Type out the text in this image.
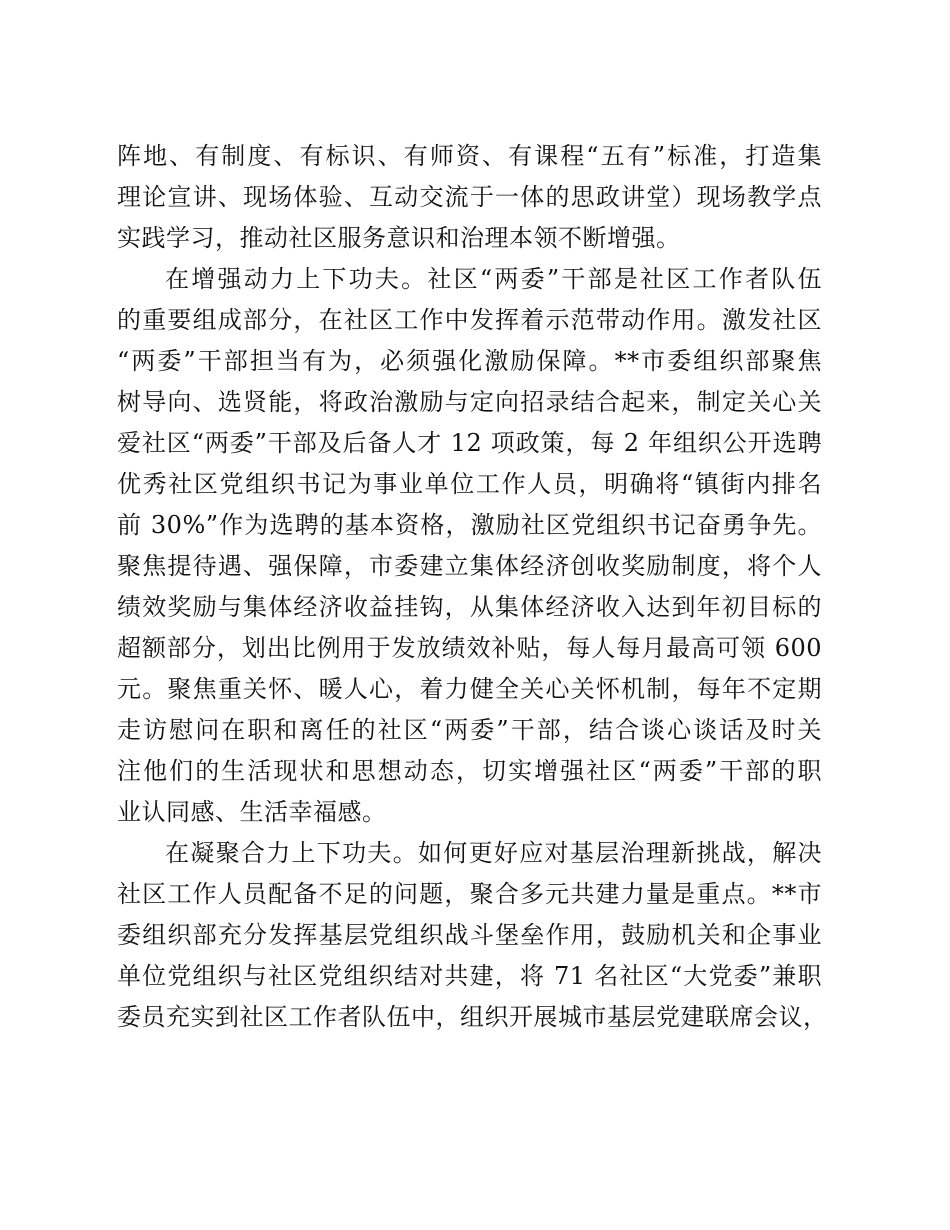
阵地、有制度、有标识、有师资、有课程“五有”标准，打造集
理论宣讲、现场体验、互动交流于一体的思政讲堂）现场教学点
实践学习，推动社区服务意识和治理本领不断增强。
在增强动力上下功夫。社区“两委”干部是社区工作者队伍
的重要组成部分，在社区工作中发挥着示范带动作用。激发社区
“两委”干部担当有为，必须强化激励保障。**市委组织部聚焦
树导向、选贤能，将政治激励与定向招录结合起来，制定关心关
爱社区“两委”干部及后备人才 12 项政策，每 2 年组织公开选聘
优秀社区党组织书记为事业单位工作人员，明确将“镇街内排名
前 30%”作为选聘的基本资格，激励社区党组织书记奋勇争先。
聚焦提待遇、强保障，市委建立集体经济创收奖励制度，将个人
绩效奖励与集体经济收益挂钩，从集体经济收入达到年初目标的
超额部分，划出比例用于发放绩效补贴，每人每月最高可领 600
元。聚焦重关怀、暖人心，着力健全关心关怀机制，每年不定期
走访慰问在职和离任的社区“两委”干部，结合谈心谈话及时关
注他们的生活现状和思想动态，切实增强社区“两委”干部的职
业认同感、生活幸福感。
在凝聚合力上下功夫。如何更好应对基层治理新挑战，解决
社区工作人员配备不足的问题，聚合多元共建力量是重点。**市
委组织部充分发挥基层党组织战斗堡垒作用，鼓励机关和企事业
单位党组织与社区党组织结对共建，将 71 名社区“大党委”兼职
委员充实到社区工作者队伍中，组织开展城市基层党建联席会议，
